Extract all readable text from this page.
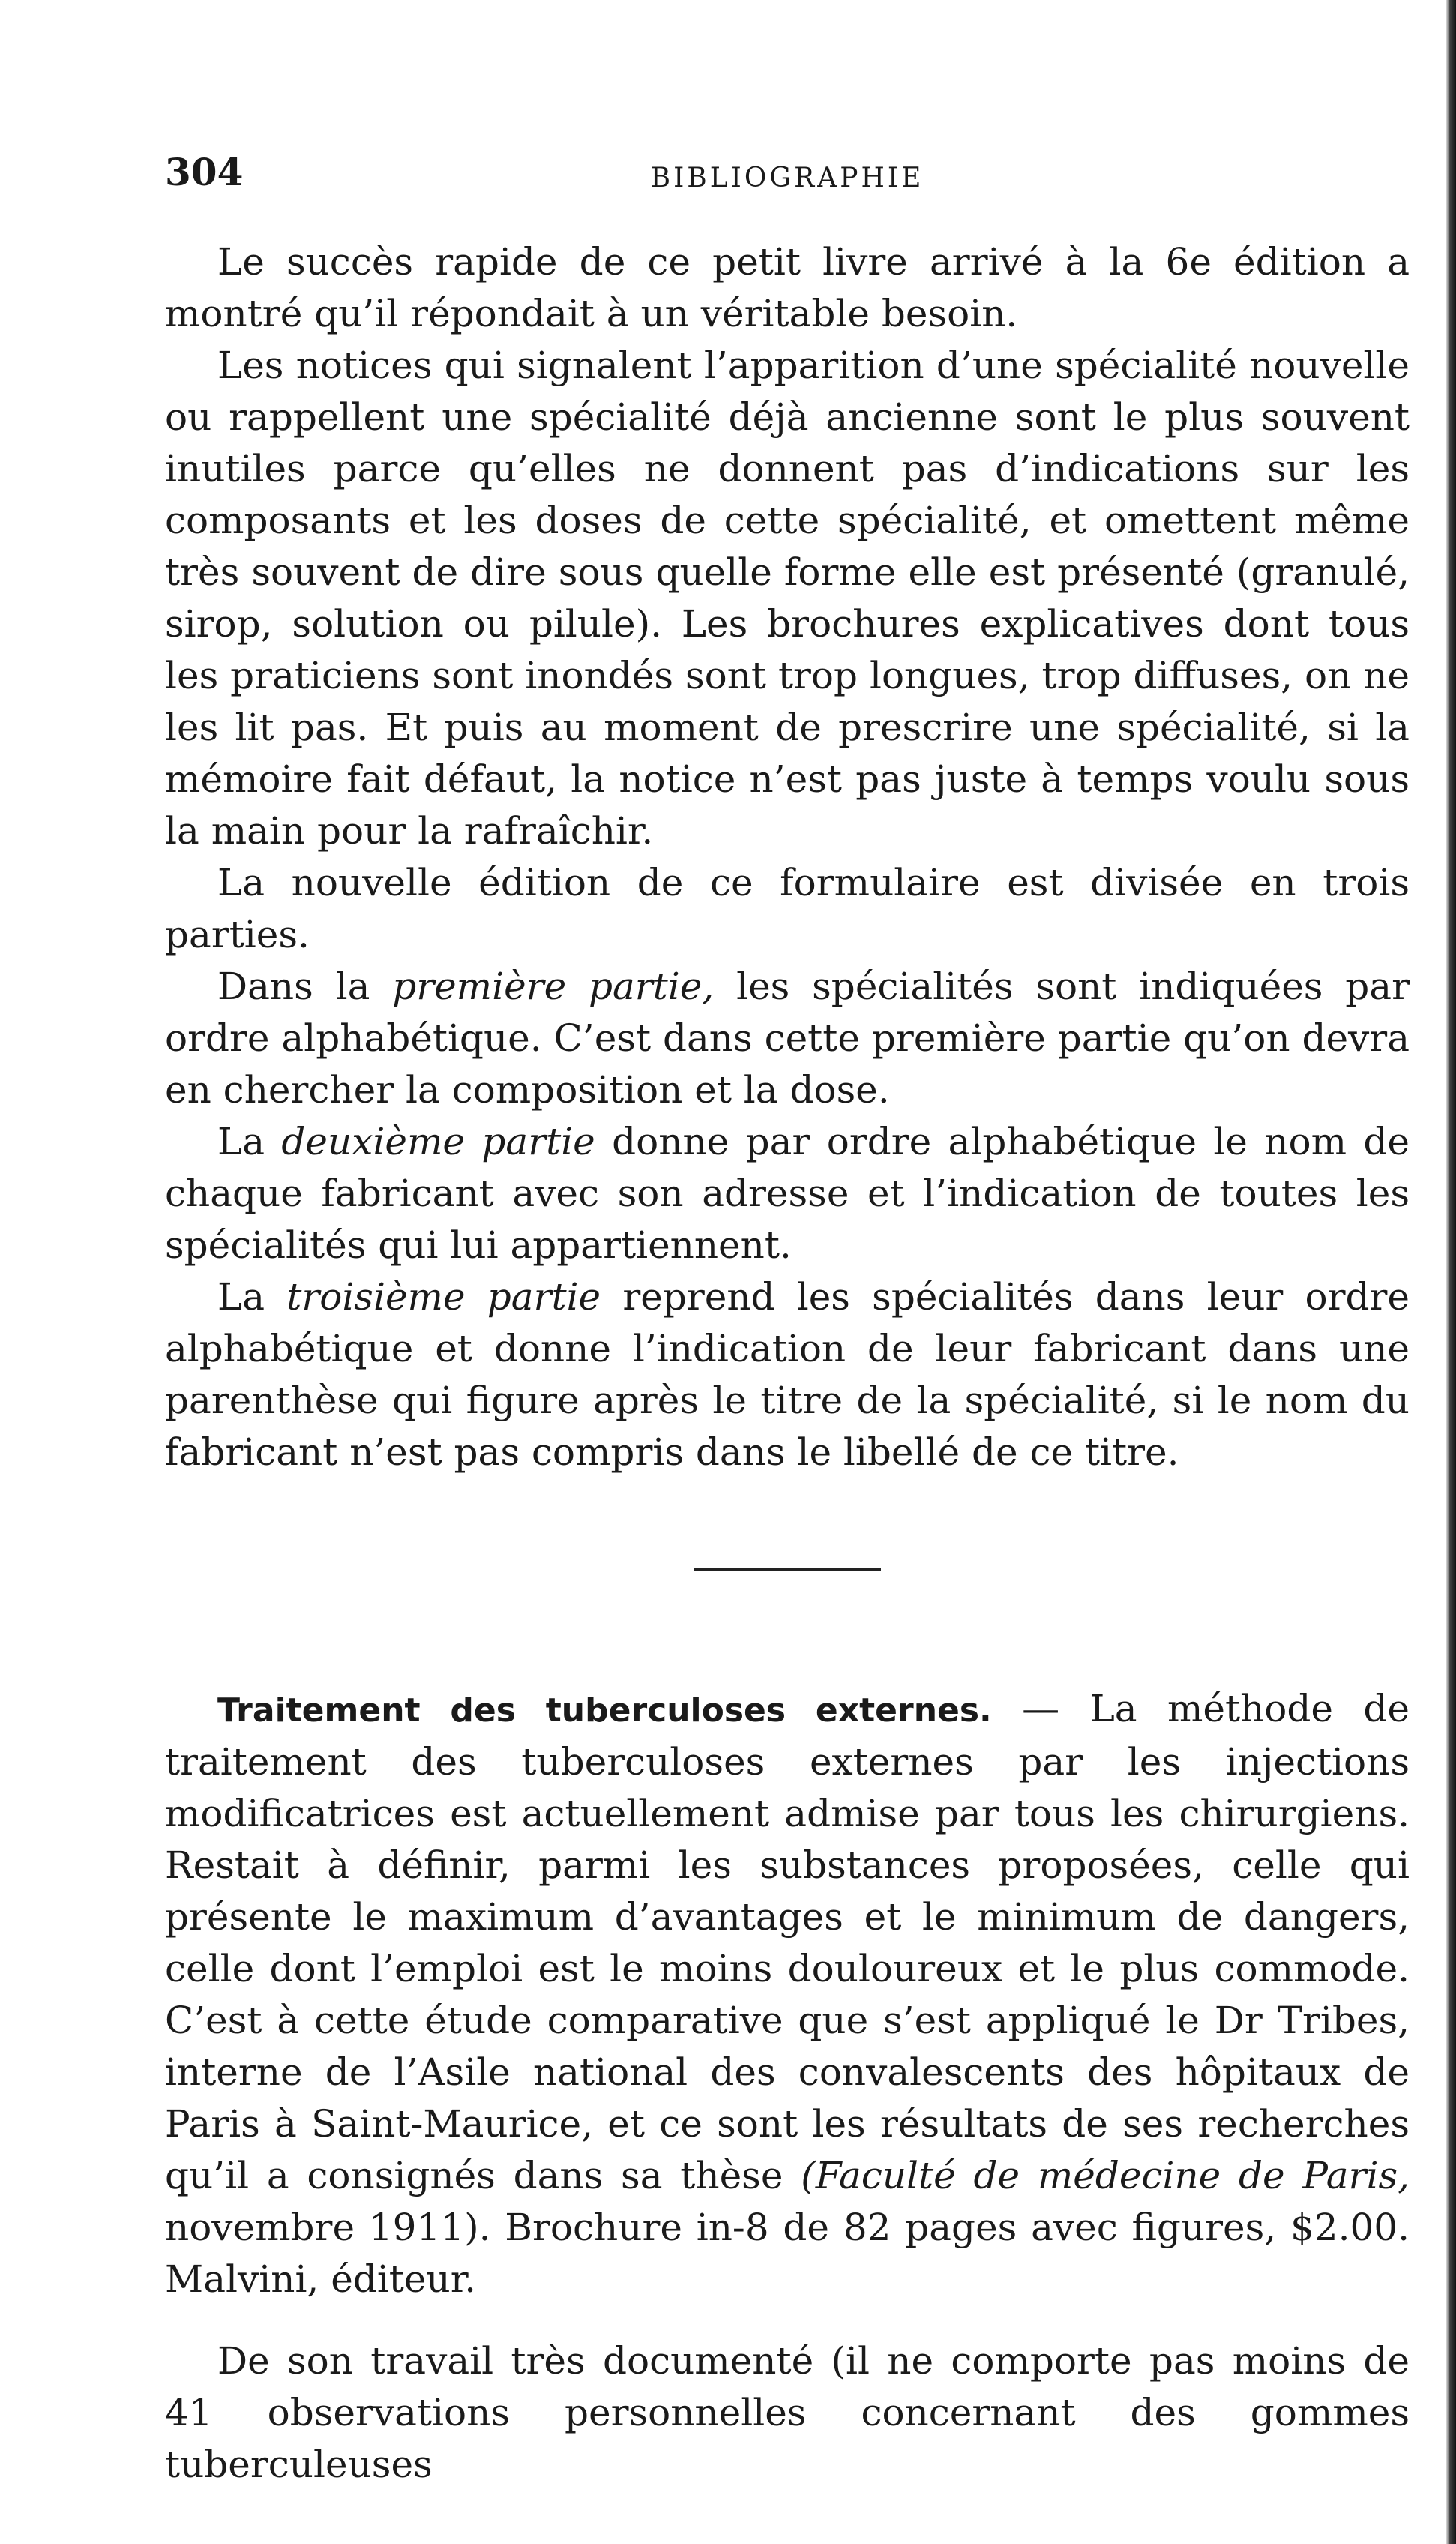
304	BIBLIOGRAPHIE

Le succès rapide de ce petit livre arrivé à la 6e édition a montré qu’il répondait à un véritable besoin.

Les notices qui signalent l’apparition d’une spécialité nouvelle ou rappellent une spécialité déjà ancienne sont le plus souvent inutiles parce qu’elles ne donnent pas d’indications sur les composants et les doses de cette spécialité, et omettent même très souvent de dire sous quelle forme elle est présenté (granulé, sirop, solution ou pilule). Les brochures explicatives dont tous les praticiens sont inondés sont trop longues, trop diffuses, on ne les lit pas. Et puis au moment de prescrire une spécialité, si la mémoire fait défaut, la notice n’est pas juste à temps voulu sous la main pour la rafraîchir.

La nouvelle édition de ce formulaire est divisée en trois parties.

Dans la première partie, les spécialités sont indiquées par ordre alphabétique. C’est dans cette première partie qu’on devra en chercher la composition et la dose.

La deuxième partie donne par ordre alphabétique le nom de chaque fabricant avec son adresse et l’indication de toutes les spécialités qui lui appartiennent.

La troisième partie reprend les spécialités dans leur ordre alphabétique et donne l’indication de leur fabricant dans une parenthèse qui figure après le titre de la spécialité, si le nom du fabricant n’est pas compris dans le libellé de ce titre.

Traitement des tuberculoses externes. — La méthode de traitement des tuberculoses externes par les injections modificatrices est actuellement admise par tous les chirurgiens. Restait à définir, parmi les substances proposées, celle qui présente le maximum d’avantages et le minimum de dangers, celle dont l’emploi est le moins douloureux et le plus commode. C’est à cette étude comparative que s’est appliqué le Dr Tribes, interne de l’Asile national des convalescents des hôpitaux de Paris à Saint-Maurice, et ce sont les résultats de ses recherches qu’il a consignés dans sa thèse (Faculté de médecine de Paris, novembre 1911). Brochure in-8 de 82 pages avec figures, $2.00. Malvini, éditeur.

De son travail très documenté (il ne comporte pas moins de 41 observations personnelles concernant des gommes tuberculeuses
